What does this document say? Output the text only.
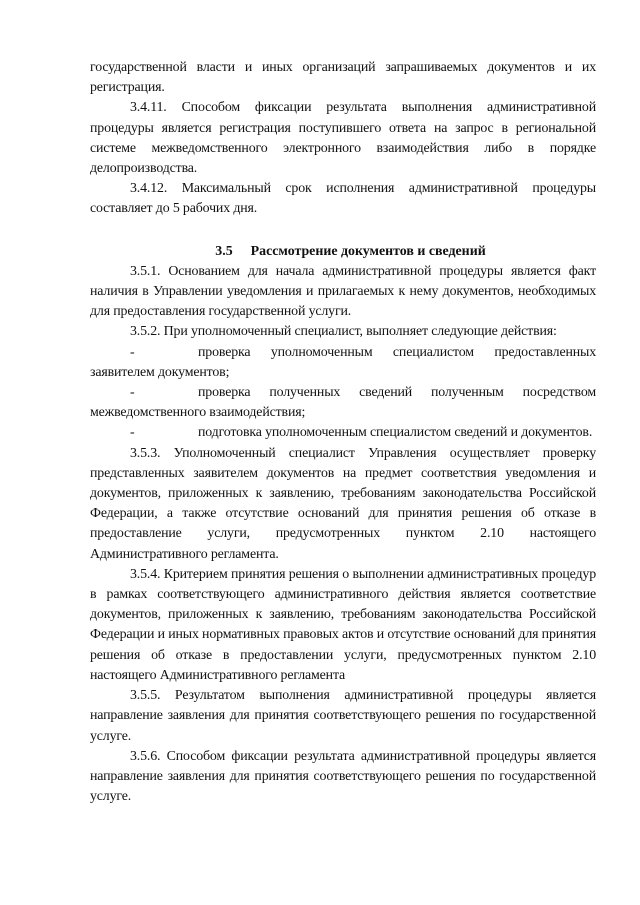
государственной власти и иных организаций запрашиваемых документов и их регистрация.

3.4.11. Способом фиксации результата выполнения административной процедуры является регистрация поступившего ответа на запрос в региональной системе межведомственного электронного взаимодействия либо в порядке делопроизводства.

3.4.12. Максимальный срок исполнения административной процедуры составляет до 5 рабочих дня.

3.5 Рассмотрение документов и сведений

3.5.1. Основанием для начала административной процедуры является факт наличия в Управлении уведомления и прилагаемых к нему документов, необходимых для предоставления государственной услуги.

3.5.2. При уполномоченный специалист, выполняет следующие действия:

-	проверка уполномоченным специалистом предоставленных заявителем документов;

-	проверка полученных сведений полученным посредством межведомственного взаимодействия;

-	подготовка уполномоченным специалистом сведений и документов.

3.5.3. Уполномоченный специалист Управления осуществляет проверку представленных заявителем документов на предмет соответствия уведомления и документов, приложенных к заявлению, требованиям законодательства Российской Федерации, а также отсутствие оснований для принятия решения об отказе в предоставление услуги, предусмотренных пунктом 2.10 настоящего Административного регламента.

3.5.4. Критерием принятия решения о выполнении административных процедур в рамках соответствующего административного действия является соответствие документов, приложенных к заявлению, требованиям законодательства Российской Федерации и иных нормативных правовых актов и отсутствие оснований для принятия решения об отказе в предоставлении услуги, предусмотренных пунктом 2.10 настоящего Административного регламента

3.5.5. Результатом выполнения административной процедуры является направление заявления для принятия соответствующего решения по государственной услуге.

3.5.6. Способом фиксации результата административной процедуры является направление заявления для принятия соответствующего решения по государственной услуге.
